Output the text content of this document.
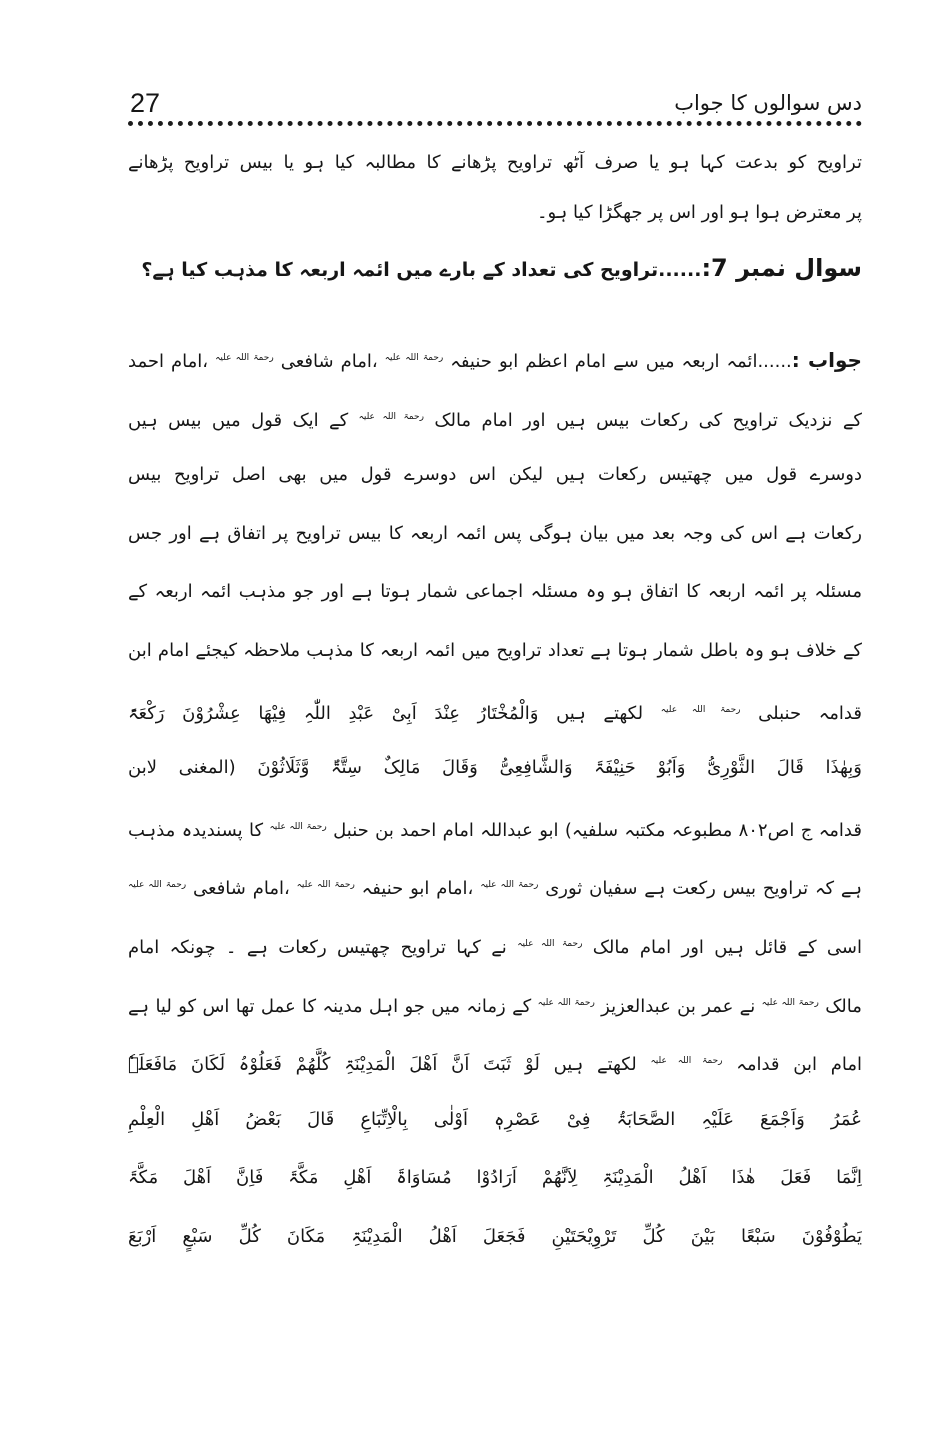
27	دس سوالوں کا جواب
تراویح کو بدعت کہا ہو یا صرف آٹھ تراویح پڑھانے کا مطالبہ کیا ہو یا بیس تراویح پڑھانے
پر معترض ہوا ہو اور اس پر جھگڑا کیا ہو۔
سوال نمبر 7:......تراویح کی تعداد کے بارے میں ائمہ اربعہ کا مذہب کیا ہے؟
جواب :......ائمہ اربعہ میں سے امام اعظم ابو حنیفہ $^{رحمۃ اللہ علیہ}$ ،امام شافعی $^{رحمۃ اللہ علیہ}$ ،امام احمد
کے نزدیک تراویح کی رکعات بیس ہیں اور امام مالک $^{رحمۃ اللہ علیہ}$ کے ایک قول میں بیس ہیں
دوسرے قول میں چھتیس رکعات ہیں لیکن اس دوسرے قول میں بھی اصل تراویح بیس
رکعات ہے اس کی وجہ بعد میں بیان ہوگی پس ائمہ اربعہ کا بیس تراویح پر اتفاق ہے اور جس
مسئلہ پر ائمہ اربعہ کا اتفاق ہو وہ مسئلہ اجماعی شمار ہوتا ہے اور جو مذہب ائمہ اربعہ کے
کے خلاف ہو وہ باطل شمار ہوتا ہے تعداد تراویح میں ائمہ اربعہ کا مذہب ملاحظہ کیجئے امام ابن
قدامہ حنبلی $^{رحمۃ اللہ علیہ}$ لکھتے ہیں وَالْمُخْتَارُ عِنْدَ اَبِیْ عَبْدِ اللّٰہِ فِیْھَا عِشْرُوْنَ رَکْعَۃً
وَبِھٰذَا قَالَ الثَّوْرِیُّ وَاَبُوْ حَنِیْفَۃَ وَالشَّافِعِیُّ وَقَالَ مَالِکٌ سِتَّۃٌ وَّثَلَاثُوْنَ (المغنی لابن
قدامہ ج اص۸۰۲ مطبوعہ مکتبہ سلفیہ) ابو عبداللہ امام احمد بن حنبل $^{رحمۃ اللہ علیہ}$ کا پسندیدہ مذہب
ہے کہ تراویح بیس رکعت ہے سفیان ثوری $^{رحمۃ اللہ علیہ}$ ،امام ابو حنیفہ $^{رحمۃ اللہ علیہ}$ ،امام شافعی $^{رحمۃ اللہ علیہ}$
اسی کے قائل ہیں اور امام مالک $^{رحمۃ اللہ علیہ}$ نے کہا تراویح چھتیس رکعات ہے ۔ چونکہ امام
مالک $^{رحمۃ اللہ علیہ}$ نے عمر بن عبدالعزیز $^{رحمۃ اللہ علیہ}$ کے زمانہ میں جو اہل مدینہ کا عمل تھا اس کو لیا ہے
امام ابن قدامہ $^{رحمۃ اللہ علیہ}$ لکھتے ہیں لَوْ ثَبَتَ اَنَّ اَھْلَ الْمَدِیْنَۃِ کُلَّھُمْ فَعَلُوْہُ لَکَانَ مَافَعَلَہٗ
عُمَرُ وَاَجْمَعَ عَلَیْہِ الصَّحَابَۃُ فِیْ عَصْرِہٖ اَوْلٰی بِالْاِتِّبَاعِ قَالَ بَعْضُ اَھْلِ الْعِلْمِ
اِنَّمَا فَعَلَ ھٰذَا اَھْلُ الْمَدِیْنَۃِ لِاَنَّھُمْ اَرَادُوْا مُسَاوَاۃَ اَھْلِ مَکَّۃَ فَاِنَّ اَھْلَ مَکَّۃَ
یَطُوْفُوْنَ سَبْعًا بَیْنَ کُلِّ تَرْوِیْحَتَیْنِ فَجَعَلَ اَھْلُ الْمَدِیْنَۃِ مَکَانَ کُلِّ سَبْعٍ اَرْبَعَ
